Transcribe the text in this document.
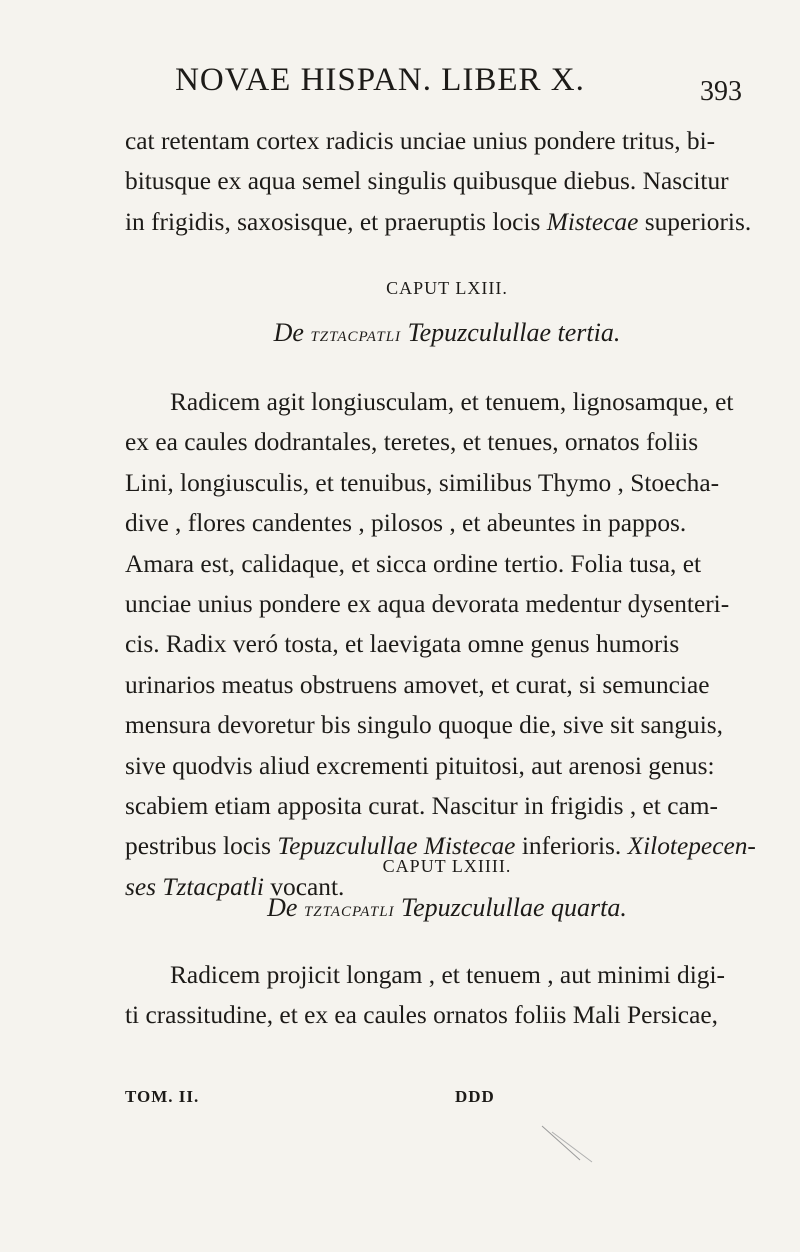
NOVAE HISPAN. LIBER X.	393

cat retentam cortex radicis unciae unius pondere tritus, bi-

bitusque ex aqua semel singulis quibusque diebus. Nascitur

in frigidis, saxosisque, et praeruptis locis Mistecae superioris.

CAPUT LXIII.
De tztacpatli Tepuzculullae tertia.

Radicem agit longiusculam, et tenuem, lignosamque, et

ex ea caules dodrantales, teretes, et tenues, ornatos foliis

Lini, longiusculis, et tenuibus, similibus Thymo , Stoecha-

dive , flores candentes , pilosos , et abeuntes in pappos.

Amara est, calidaque, et sicca ordine tertio. Folia tusa, et

unciae unius pondere ex aqua devorata medentur dysenteri-

cis. Radix veró tosta, et laevigata omne genus humoris

urinarios meatus obstruens amovet, et curat, si semunciae

mensura devoretur bis singulo quoque die, sive sit sanguis,

sive quodvis aliud excrementi pituitosi, aut arenosi genus:

scabiem etiam apposita curat. Nascitur in frigidis , et cam-

pestribus locis Tepuzculullae Mistecae inferioris. Xilotepecen-

ses Tztacpatli vocant.

CAPUT LXIIII.
De tztacpatli Tepuzculullae quarta.

Radicem projicit longam , et tenuem , aut minimi digi-

ti crassitudine, et ex ea caules ornatos foliis Mali Persicae,

TOM. II.	DDD
